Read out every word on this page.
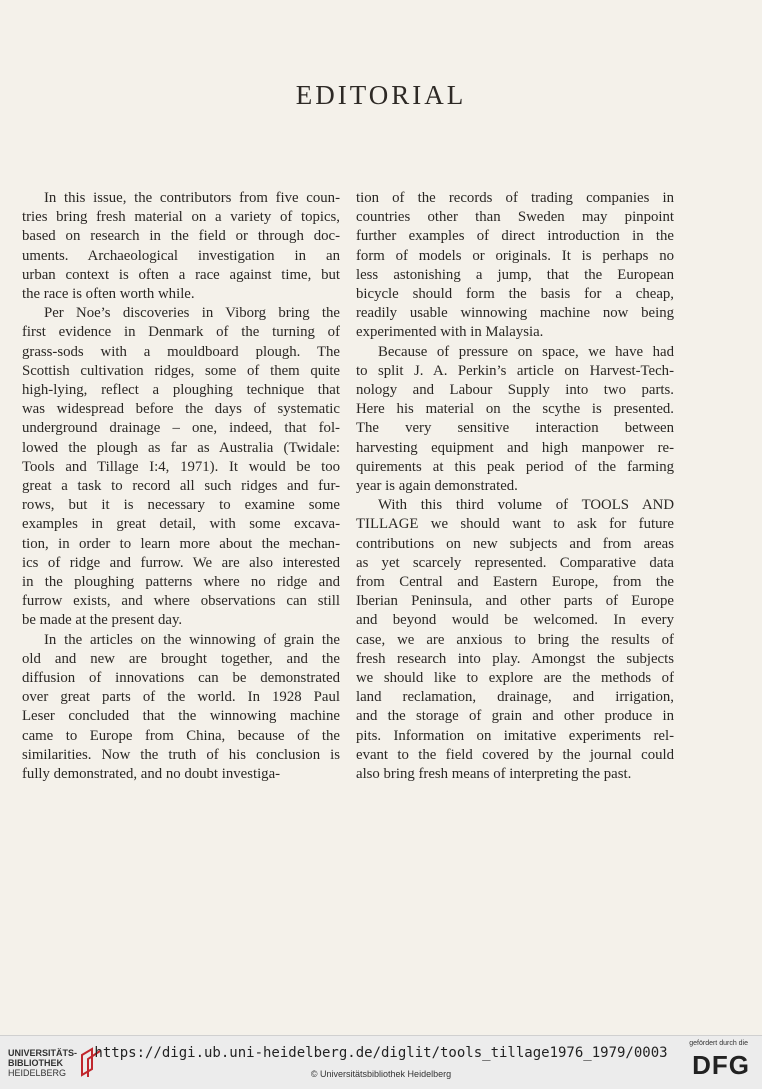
EDITORIAL

In this issue, the contributors from five coun-
tries bring fresh material on a variety of topics,
based on research in the field or through doc-
uments. Archaeological investigation in an
urban context is often a race against time, but
the race is often worth while.

Per Noe’s discoveries in Viborg bring the
first evidence in Denmark of the turning of
grass-sods with a mouldboard plough. The
Scottish cultivation ridges, some of them quite
high-lying, reflect a ploughing technique that
was widespread before the days of systematic
underground drainage – one, indeed, that fol-
lowed the plough as far as Australia (Twidale:
Tools and Tillage I:4, 1971). It would be too
great a task to record all such ridges and fur-
rows, but it is necessary to examine some
examples in great detail, with some excava-
tion, in order to learn more about the mechan-
ics of ridge and furrow. We are also interested
in the ploughing patterns where no ridge and
furrow exists, and where observations can still
be made at the present day.

In the articles on the winnowing of grain the
old and new are brought together, and the
diffusion of innovations can be demonstrated
over great parts of the world. In 1928 Paul
Leser concluded that the winnowing machine
came to Europe from China, because of the
similarities. Now the truth of his conclusion is
fully demonstrated, and no doubt investiga-

tion of the records of trading companies in
countries other than Sweden may pinpoint
further examples of direct introduction in the
form of models or originals. It is perhaps no
less astonishing a jump, that the European
bicycle should form the basis for a cheap,
readily usable winnowing machine now being
experimented with in Malaysia.

Because of pressure on space, we have had
to split J. A. Perkin’s article on Harvest-Tech-
nology and Labour Supply into two parts.
Here his material on the scythe is presented.
The very sensitive interaction between
harvesting equipment and high manpower re-
quirements at this peak period of the farming
year is again demonstrated.

With this third volume of TOOLS AND
TILLAGE we should want to ask for future
contributions on new subjects and from areas
as yet scarcely represented. Comparative data
from Central and Eastern Europe, from the
Iberian Peninsula, and other parts of Europe
and beyond would be welcomed. In every
case, we are anxious to bring the results of
fresh research into play. Amongst the subjects
we should like to explore are the methods of
land reclamation, drainage, and irrigation,
and the storage of grain and other produce in
pits. Information on imitative experiments rel-
evant to the field covered by the journal could
also bring fresh means of interpreting the past.

UNIVERSITÄTS-
BIBLIOTHEK
HEIDELBERG
https://digi.ub.uni-heidelberg.de/diglit/tools_tillage1976_1979/0003
© Universitätsbibliothek Heidelberg
gefördert durch die
DFG
